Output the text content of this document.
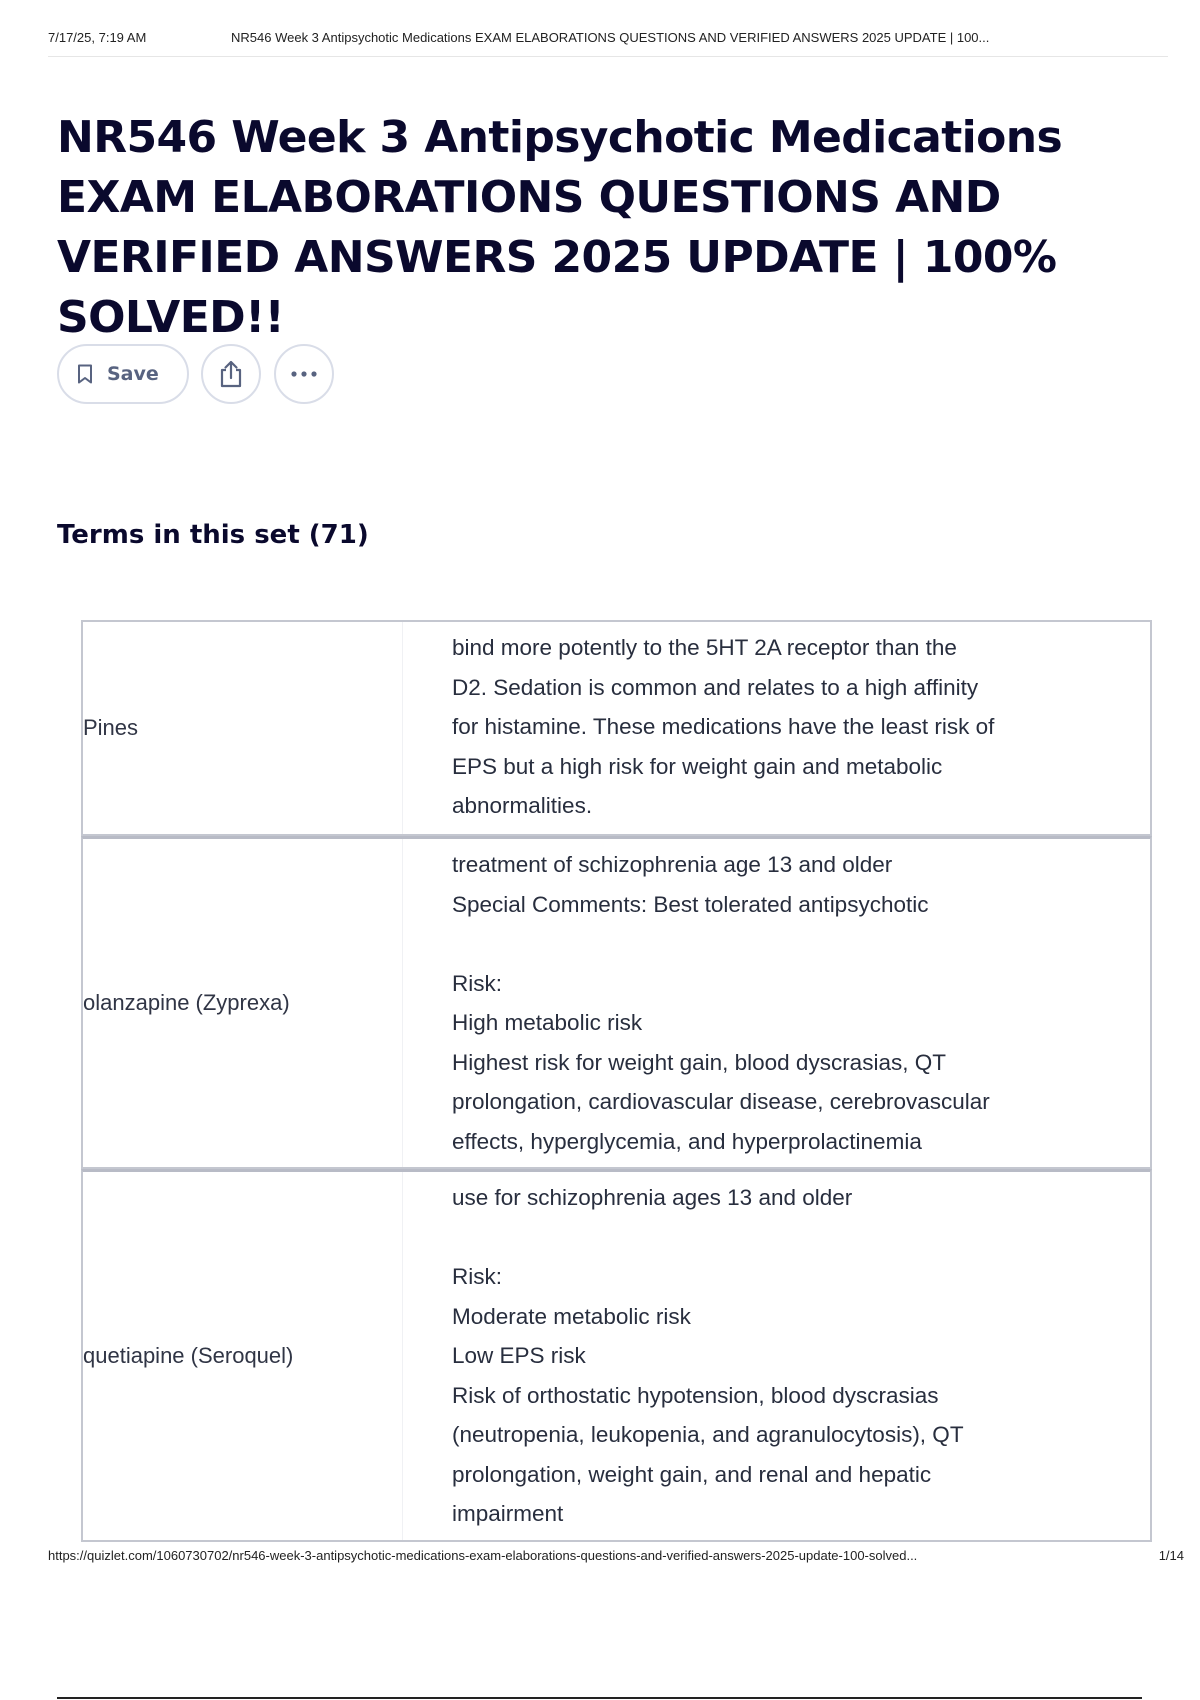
7/17/25, 7:19 AM	NR546 Week 3 Antipsychotic Medications EXAM ELABORATIONS QUESTIONS AND VERIFIED ANSWERS 2025 UPDATE | 100...
NR546 Week 3 Antipsychotic Medications EXAM ELABORATIONS QUESTIONS AND VERIFIED ANSWERS 2025 UPDATE | 100% SOLVED!!
Save
Terms in this set (71)
Pines
bind more potently to the 5HT 2A receptor than the
D2. Sedation is common and relates to a high affinity
for histamine. These medications have the least risk of
EPS but a high risk for weight gain and metabolic
abnormalities.
olanzapine (Zyprexa)
treatment of schizophrenia age 13 and older
Special Comments: Best tolerated antipsychotic

Risk:
High metabolic risk
Highest risk for weight gain, blood dyscrasias, QT
prolongation, cardiovascular disease, cerebrovascular
effects, hyperglycemia, and hyperprolactinemia
quetiapine (Seroquel)
use for schizophrenia ages 13 and older

Risk:
Moderate metabolic risk
Low EPS risk
Risk of orthostatic hypotension, blood dyscrasias
(neutropenia, leukopenia, and agranulocytosis), QT
prolongation, weight gain, and renal and hepatic
impairment
https://quizlet.com/1060730702/nr546-week-3-antipsychotic-medications-exam-elaborations-questions-and-verified-answers-2025-update-100-solved...	1/14
